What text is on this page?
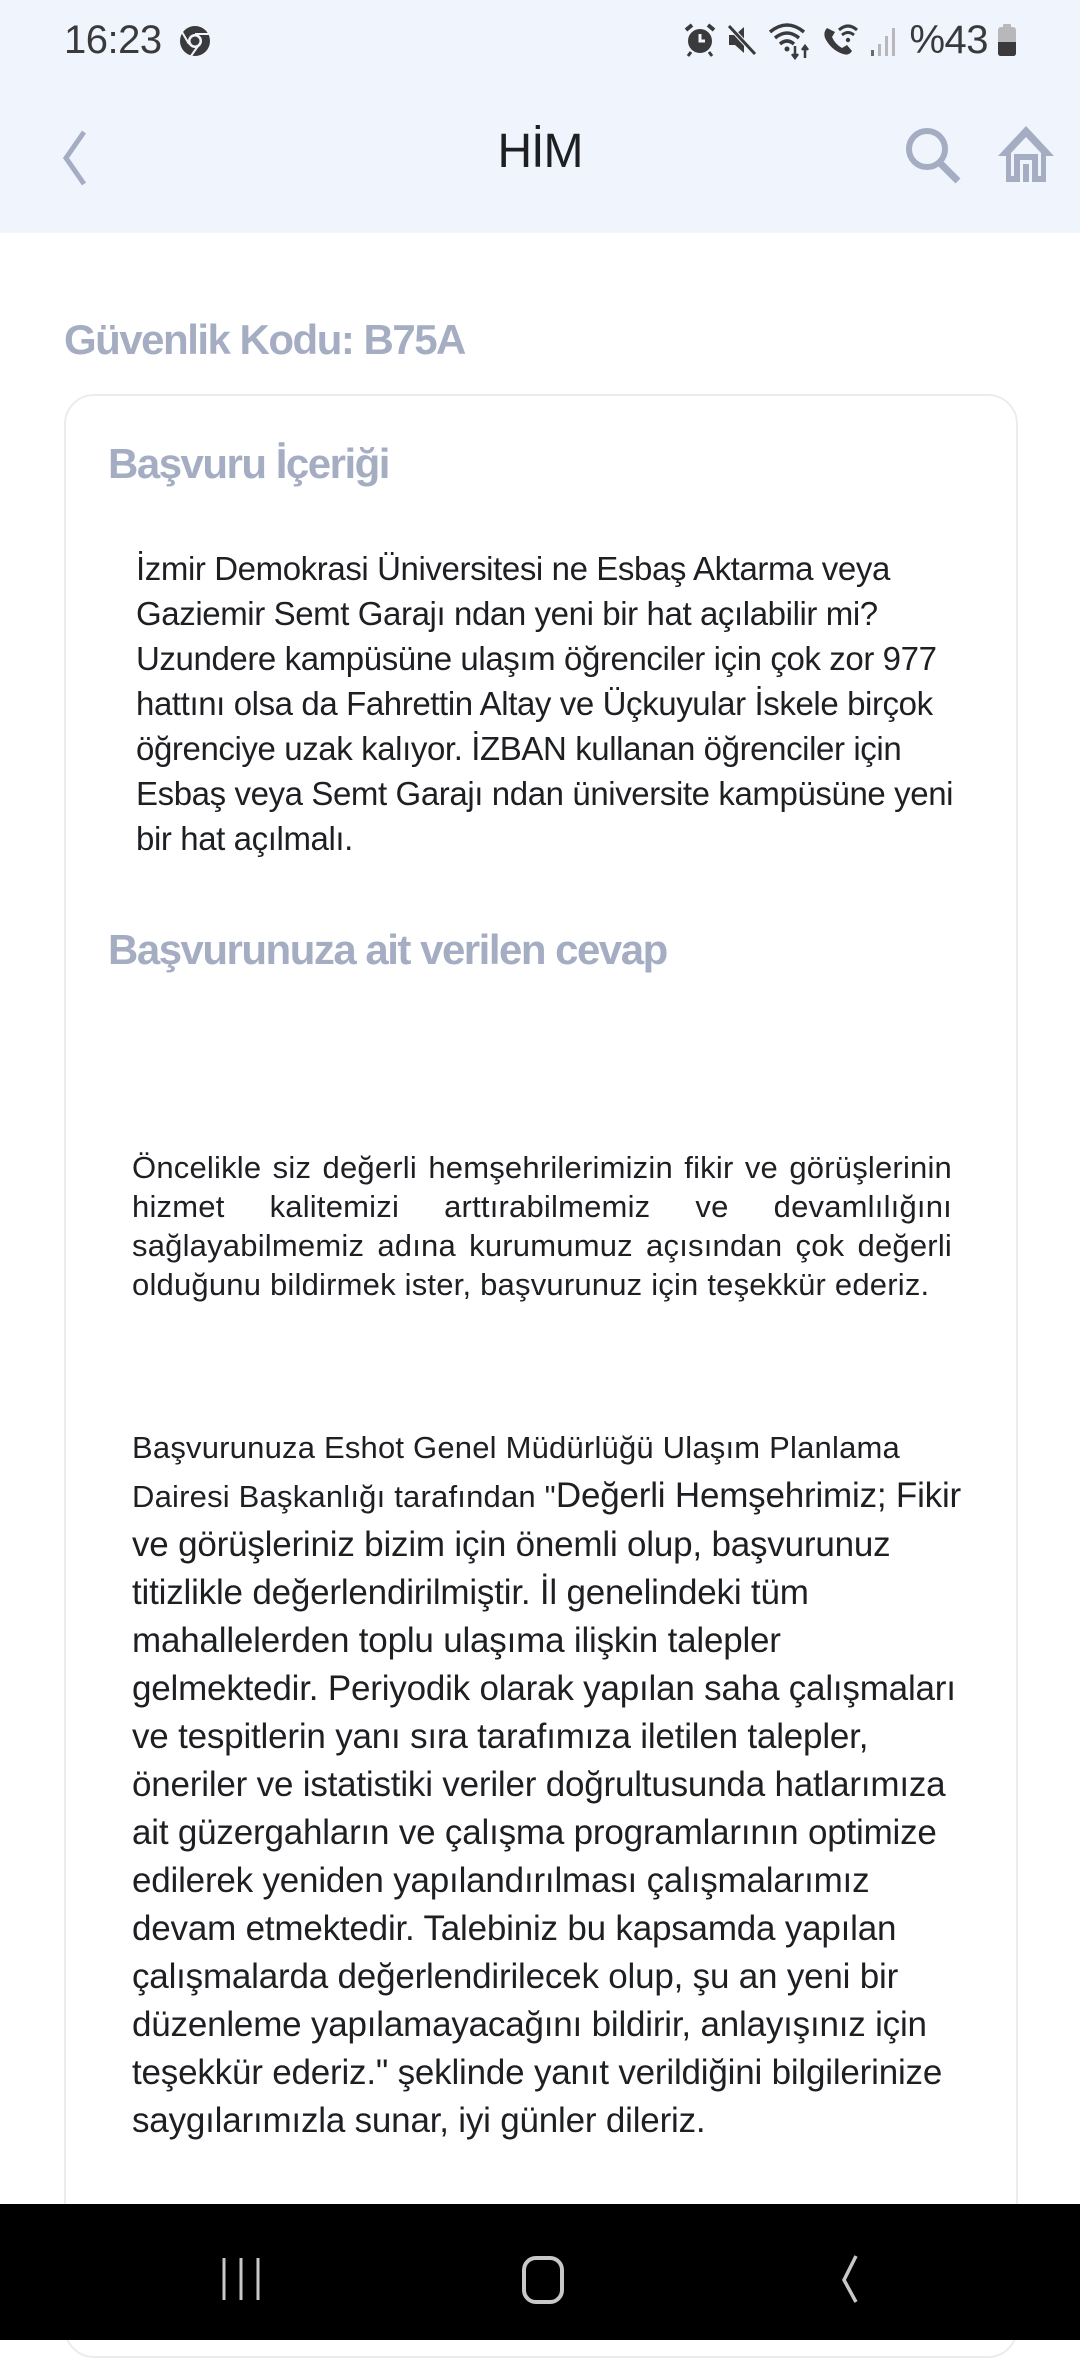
16:23	%43
HİM
Güvenlik Kodu: B75A
Başvuru İçeriği
İzmir Demokrasi Üniversitesi ne Esbaş Aktarma veya Gaziemir Semt Garajı ndan yeni bir hat açılabilir mi? Uzundere kampüsüne ulaşım öğrenciler için çok zor 977 hattını olsa da Fahrettin Altay ve Üçkuyular İskele birçok öğrenciye uzak kalıyor. İZBAN kullanan öğrenciler için Esbaş veya Semt Garajı ndan üniversite kampüsüne yeni bir hat açılmalı.
Başvurunuza ait verilen cevap
Öncelikle siz değerli hemşehrilerimizin fikir ve görüşlerinin hizmet kalitemizi arttırabilmemiz ve devamlılığını sağlayabilmemiz adına kurumumuz açısından çok değerli olduğunu bildirmek ister, başvurunuz için teşekkür ederiz.
Başvurunuza Eshot Genel Müdürlüğü Ulaşım Planlama Dairesi Başkanlığı tarafından "Değerli Hemşehrimiz; Fikir ve görüşleriniz bizim için önemli olup, başvurunuz titizlikle değerlendirilmiştir. İl genelindeki tüm mahallelerden toplu ulaşıma ilişkin talepler gelmektedir. Periyodik olarak yapılan saha çalışmaları ve tespitlerin yanı sıra tarafımıza iletilen talepler, öneriler ve istatistiki veriler doğrultusunda hatlarımıza ait güzergahların ve çalışma programlarının optimize edilerek yeniden yapılandırılması çalışmalarımız devam etmektedir. Talebiniz bu kapsamda yapılan çalışmalarda değerlendirilecek olup, şu an yeni bir düzenleme yapılamayacağını bildirir, anlayışınız için teşekkür ederiz." şeklinde yanıt verildiğini bilgilerinize saygılarımızla sunar, iyi günler dileriz.
